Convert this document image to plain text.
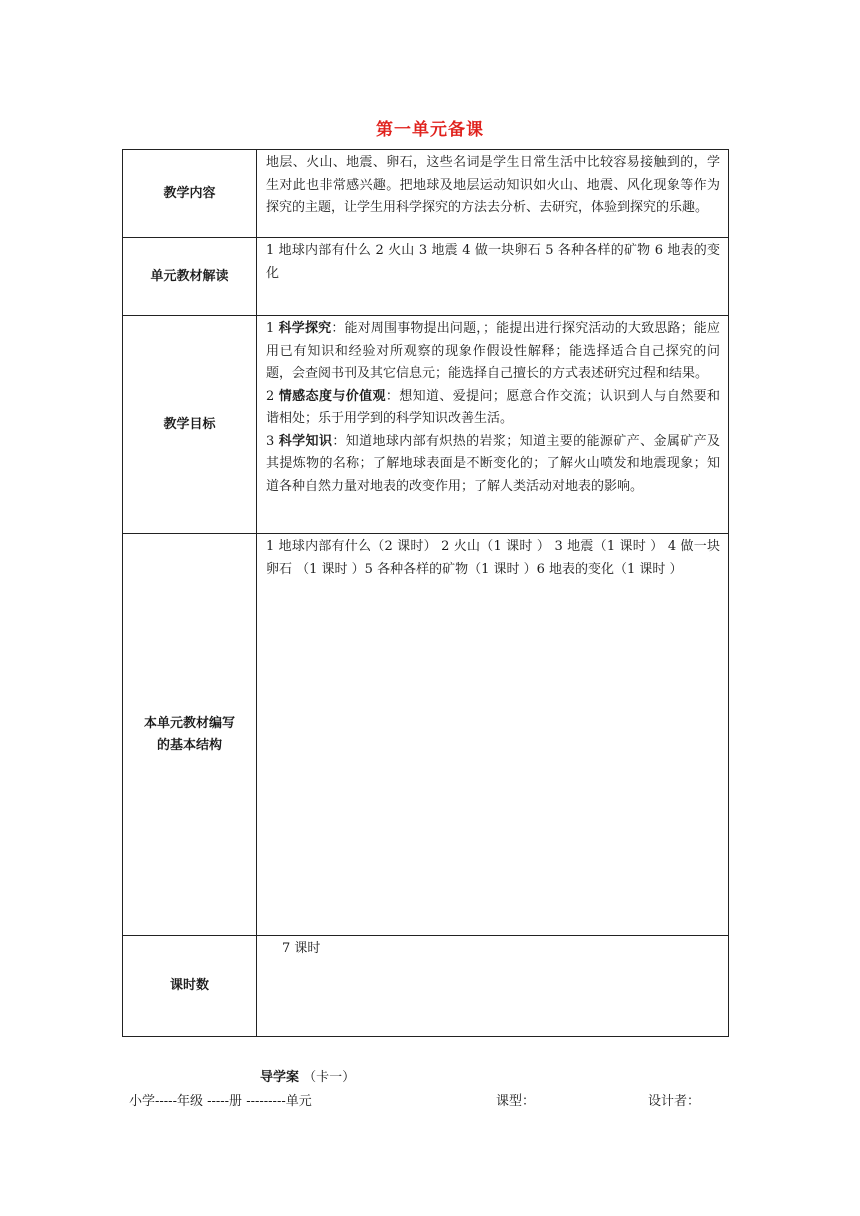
第一单元备课
教学内容	地层、火山、地震、卵石，这些名词是学生日常生活中比较容易接触到的，学生对此也非常感兴趣。把地球及地层运动知识如火山、地震、风化现象等作为探究的主题，让学生用科学探究的方法去分析、去研究，体验到探究的乐趣。
单元教材解读	1 地球内部有什么 2 火山 3 地震 4 做一块卵石 5 各种各样的矿物 6 地表的变化
教学目标	1 科学探究：能对周围事物提出问题，；能提出进行探究活动的大致思路；能应用已有知识和经验对所观察的现象作假设性解释；能选择适合自己探究的问题，会查阅书刊及其它信息元；能选择自己擅长的方式表述研究过程和结果。
2 情感态度与价值观：想知道、爱提问；愿意合作交流；认识到人与自然要和谐相处；乐于用学到的科学知识改善生活。
3 科学知识：知道地球内部有炽热的岩浆；知道主要的能源矿产、金属矿产及其提炼物的名称；了解地球表面是不断变化的；了解火山喷发和地震现象；知道各种自然力量对地表的改变作用；了解人类活动对地表的影响。

本单元教材编写
的基本结构	1 地球内部有什么（2 课时） 2 火山（1 课时 ） 3 地震（1 课时 ） 4 做一块卵石 （1 课时 ）5 各种各样的矿物（1 课时 ）6 地表的变化（1 课时 ）
课时数	7 课时
导学案 （卡一）
小学-----年级 -----册 ---------单元	课型：	设计者：
